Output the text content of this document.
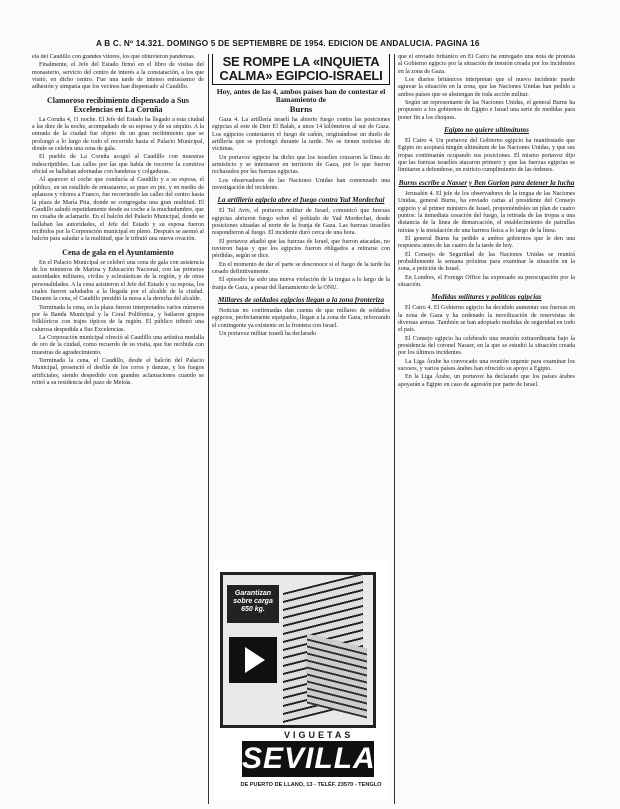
A B C. Nº 14.321. DOMINGO 5 DE SEPTIEMBRE DE 1954. EDICION DE ANDALUCIA. PAGINA 16

ela del Caudillo con grandes vítores, los que obtuvieron pandereas.

Finalmente, el Jefe del Estado firmó en el libro de visitas del monasterio, servicio del centro de interés a la constatación, a los que visitó, en dicho centro. Fue una tarde de intenso entusiasmo de adhesión y simpatía que los vecinos han dispensado al Caudillo.

Clamoroso recibimiento dispensado a Sus Excelencias en La Coruña

La Coruña 4, 11 noche. El Jefe del Estado ha llegado a esta ciudad a las diez de la noche, acompañado de su esposa y de su séquito. A la entrada de la ciudad fue objeto de un gran recibimiento que se prolongó a lo largo de todo el recorrido hasta el Palacio Municipal, donde se celebra una cena de gala.

El pueblo de La Coruña acogió al Caudillo con muestras indescriptibles. Las calles por las que había de recorrer la comitiva oficial se hallaban adornadas con banderas y colgaduras.

Al aparecer el coche que conducía al Caudillo y a su esposa, el público, en un estallido de entusiasmo, se puso en pie, y en medio de aplausos y vítores a Franco, fue recorriendo las calles del centro hasta la plaza de María Pita, donde se congregaba una gran multitud. El Caudillo saludó repetidamente desde su coche a la muchedumbre, que no cesaba de aclamarle. En el balcón del Palacio Municipal, donde se hallaban las autoridades, el Jefe del Estado y su esposa fueron recibidos por la Corporación municipal en pleno. Después se asomó al balcón para saludar a la multitud, que le tributó una nueva ovación.

Cena de gala en el Ayuntamiento

En el Palacio Municipal se celebró una cena de gala con asistencia de los ministros de Marina y Educación Nacional, con las primeras autoridades militares, civiles y eclesiásticas de la región, y de otras personalidades. A la cena asistieron el Jefe del Estado y su esposa, los cuales fueron saludados a la llegada por el alcalde de la ciudad. Durante la cena, el Caudillo presidió la mesa a la derecha del alcalde.

Terminada la cena, en la plaza fueron interpretados varios números por la Banda Municipal y la Coral Polifónica, y bailaron grupos folklóricos con trajes típicos de la región. El público tributó una calurosa despedida a Sus Excelencias.

La Corporación municipal ofreció al Caudillo una artística medalla de oro de la ciudad, como recuerdo de su visita, que fue recibida con muestras de agradecimiento.

Terminada la cena, el Caudillo, desde el balcón del Palacio Municipal, presenció el desfile de los coros y danzas, y los fuegos artificiales, siendo despedido con grandes aclamaciones cuando se retiró a su residencia del pazo de Meirás.

SE ROMPE LA «INQUIETA CALMA» EGIPCIO-ISRAELI
Hoy, antes de las 4, ambos países han de contestar el llamamiento de
Burns

Gaza 4. La artillería israelí ha abierto fuego contra las posiciones egipcias al este de Deir El Balah, a unos 14 kilómetros al sur de Gaza. Los egipcios contestaron el fuego de cañón, originándose un duelo de artillería que se prolongó durante la tarde. No se tienen noticias de víctimas.

Un portavoz egipcio ha dicho que los israelíes cruzaron la línea de armisticio y se internaron en territorio de Gaza, por lo que fueron rechazados por las fuerzas egipcias.

Los observadores de las Naciones Unidas han comenzado una investigación del incidente.

La artillería egipcia abre el fuego contra Yad Mordechai

El Tel Aviv, el portavoz militar de Israel, comunicó que fuerzas egipcias abrieron fuego sobre el poblado de Yad Mordechai, desde posiciones situadas al norte de la franja de Gaza. Las fuerzas israelíes respondieron al fuego. El incidente duró cerca de una hora.

El portavoz añadió que las fuerzas de Israel, que fueron atacadas, no tuvieron bajas y que los egipcios fueron obligados a retirarse con pérdidas, según se dice.

En el momento de dar el parte se desconoce si el fuego de la tarde ha cesado definitivamente.

El episodio ha sido una nueva violación de la tregua a lo largo de la franja de Gaza, a pesar del llamamiento de la ONU.

Millares de soldados egipcios llegan a la zona fronteriza

Noticias no confirmadas dan cuenta de que millares de soldados egipcios, perfectamente equipados, llegan a la zona de Gaza, reforzando el contingente ya existente en la frontera con Israel.

Un portavoz militar israelí ha declarado

Garantizan sobre carga 650 kg.
VIGUETAS
SEVILLA
DE PUERTO DE LLANO, 13 - TELÉF. 23570 - TENGLO

que el enviado británico en El Cairo ha entregado una nota de protesta al Gobierno egipcio por la situación de tensión creada por los incidentes en la zona de Gaza.

Los diarios británicos interpretan que el nuevo incidente puede agravar la situación en la zona, que las Naciones Unidas han pedido a ambos países que se abstengan de toda acción militar.

Según un representante de las Naciones Unidas, el general Burns ha propuesto a los gobiernos de Egipto e Israel una serie de medidas para poner fin a los choques.

Egipto no quiere ultimátums

El Cairo 4. Un portavoz del Gobierno egipcio ha manifestado que Egipto no aceptará ningún ultimátum de las Naciones Unidas, y que sus tropas continuarán ocupando sus posiciones. El mismo portavoz dijo que las fuerzas israelíes atacaron primero y que las fuerzas egipcias se limitaron a defenderse, en estricto cumplimiento de las órdenes.

Burns escribe a Nasser y Ben Gurion para detener la lucha

Jerusalén 4. El jefe de los observadores de la tregua de las Naciones Unidas, general Burns, ha enviado cartas al presidente del Consejo egipcio y al primer ministro de Israel, proponiéndoles un plan de cuatro puntos: la inmediata cesación del fuego, la retirada de las tropas a una distancia de la línea de demarcación, el establecimiento de patrullas mixtas y la instalación de una barrera física a lo largo de la línea.

El general Burns ha pedido a ambos gobiernos que le den una respuesta antes de las cuatro de la tarde de hoy.

El Consejo de Seguridad de las Naciones Unidas se reunirá probablemente la semana próxima para examinar la situación en la zona, a petición de Israel.

En Londres, el Foreign Office ha expresado su preocupación por la situación.

Medidas militares y políticas egipcias

El Cairo 4. El Gobierno egipcio ha decidido aumentar sus fuerzas en la zona de Gaza y ha ordenado la movilización de reservistas de diversas armas. También se han adoptado medidas de seguridad en todo el país.

El Consejo egipcio ha celebrado una reunión extraordinaria bajo la presidencia del coronel Nasser, en la que se estudió la situación creada por los últimos incidentes.

La Liga Árabe ha convocado una reunión urgente para examinar los sucesos, y varios países árabes han ofrecido su apoyo a Egipto.

En la Liga Árabe, un portavoz ha declarado que los países árabes apoyarán a Egipto en caso de agresión por parte de Israel.
